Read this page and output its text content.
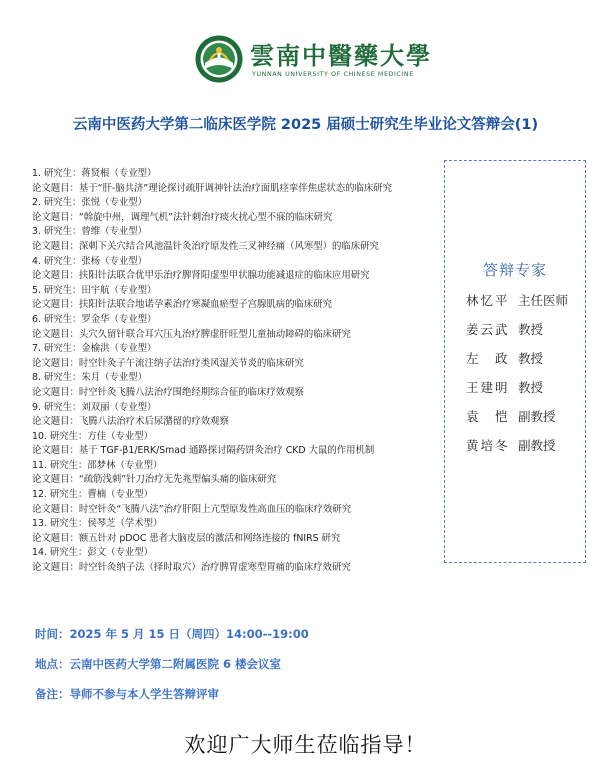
雲南中醫藥大學
YUNNAN UNIVERSITY OF CHINESE MEDICINE
云南中医药大学第二临床医学院 2025 届硕士研究生毕业论文答辩会(1)
1. 研究生：蒋贤根（专业型）
论文题目：基于“肝-脑共济”理论探讨疏肝调神针法治疗面肌痉挛伴焦虑状态的临床研究
2. 研究生：张悦（专业型）
论文题目：“斡旋中州，调理气机”法针刺治疗痰火扰心型不寐的临床研究
3. 研究生：曾维（专业型）
论文题目：深刺下关穴结合风池温针灸治疗原发性三叉神经痛（风寒型）的临床研究
4. 研究生：张杨（专业型）
论文题目：扶阳针法联合优甲乐治疗脾肾阳虚型甲状腺功能减退症的临床应用研究
5. 研究生：田宇航（专业型）
论文题目：扶阳针法联合地诺孕素治疗寒凝血瘀型子宫腺肌病的临床研究
6. 研究生：罗金华（专业型）
论文题目：头穴久留针联合耳穴压丸治疗脾虚肝旺型儿童抽动障碍的临床研究
7. 研究生：金榆洪（专业型）
论文题目：时空针灸子午流注纳子法治疗类风湿关节炎的临床研究
8. 研究生：朱月（专业型）
论文题目：时空针灸飞腾八法治疗围绝经期综合征的临床疗效观察
9. 研究生：刘双丽（专业型）
论文题目：飞腾八法治疗术后尿潴留的疗效观察
10. 研究生：方佳（专业型）
论文题目：基于 TGF-β1/ERK/Smad 通路探讨隔药饼灸治疗 CKD 大鼠的作用机制
11. 研究生：邵梦林（专业型）
论文题目：“疏筋浅刺”针刀治疗无先兆型偏头痛的临床研究
12. 研究生：曹楠（专业型）
论文题目：时空针灸“飞腾八法”治疗肝阳上亢型原发性高血压的临床疗效研究
13. 研究生：侯琴芝（学术型）
论文题目：额五针对 pDOC 患者大脑皮层的激活和网络连接的 fNIRS 研究
14. 研究生：彭文（专业型）
论文题目：时空针灸纳子法（择时取穴）治疗脾胃虚寒型胃痛的临床疗效研究
答辩专家
林忆平 主任医师
姜云武 教授
左　政 教授
王建明 教授
袁　恺 副教授
黄培冬 副教授
时间：2025 年 5 月 15 日（周四）14:00--19:00
地点：云南中医药大学第二附属医院 6 楼会议室
备注：导师不参与本人学生答辩评审
欢迎广大师生莅临指导！
